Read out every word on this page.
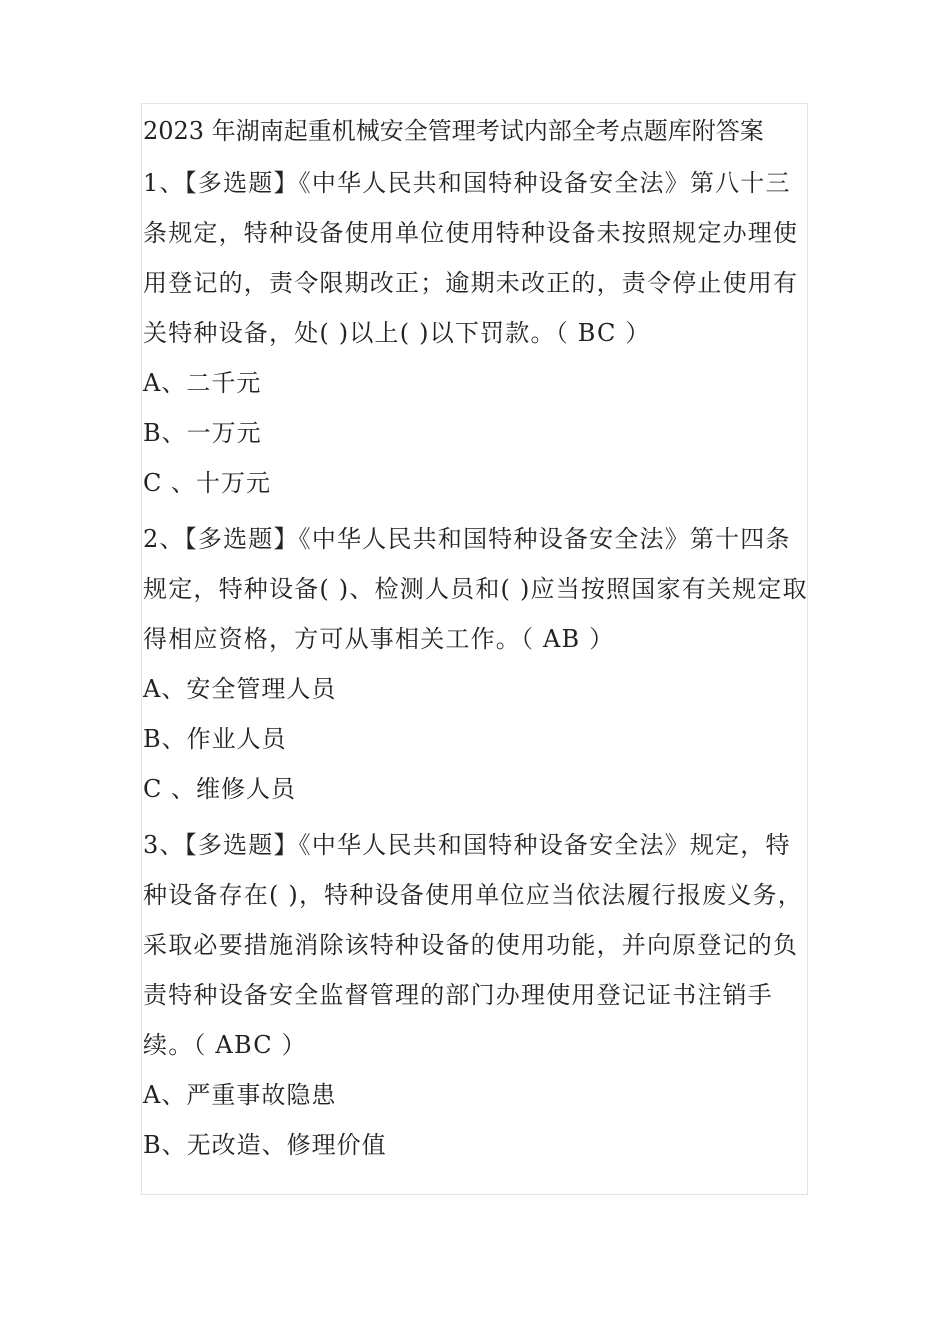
2023 年湖南起重机械安全管理考试内部全考点题库附答案

1、【多选题】《中华人民共和国特种设备安全法》第八十三条规定，特种设备使用单位使用特种设备未按照规定办理使用登记的，责令限期改正；逾期未改正的，责令停止使用有关特种设备，处( )以上( )以下罚款。（ BC ）

A、二千元

B、一万元

C 、十万元

2、【多选题】《中华人民共和国特种设备安全法》第十四条规定，特种设备( )、检测人员和( )应当按照国家有关规定取得相应资格，方可从事相关工作。（ AB ）

A、安全管理人员

B、作业人员

C 、维修人员

3、【多选题】《中华人民共和国特种设备安全法》规定，特种设备存在( )，特种设备使用单位应当依法履行报废义务，采取必要措施消除该特种设备的使用功能，并向原登记的负责特种设备安全监督管理的部门办理使用登记证书注销手续。（ ABC ）

A、严重事故隐患

B、无改造、修理价值
